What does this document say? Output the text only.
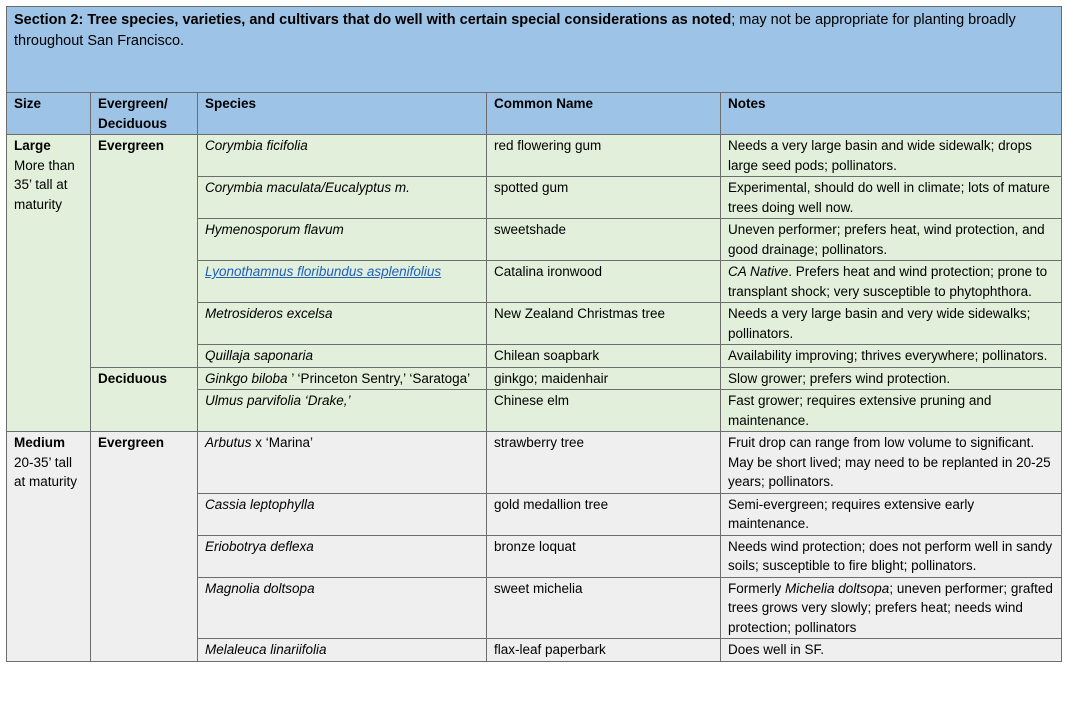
Section 2: Tree species, varieties, and cultivars that do well with certain special considerations as noted; may not be appropriate for planting broadly throughout San Francisco.				
Size	Evergreen/ Deciduous	Species	Common Name	Notes
Large
More than 35’ tall at maturity	Evergreen	Corymbia ficifolia	red flowering gum	Needs a very large basin and wide sidewalk; drops large seed pods; pollinators.
		Corymbia maculata/Eucalyptus m.	spotted gum	Experimental, should do well in climate; lots of mature trees doing well now.
		Hymenosporum flavum	sweetshade	Uneven performer; prefers heat, wind protection, and good drainage; pollinators.
		Lyonothamnus floribundus asplenifolius	Catalina ironwood	CA Native. Prefers heat and wind protection; prone to transplant shock; very susceptible to phytophthora.
		Metrosideros excelsa	New Zealand Christmas tree	Needs a very large basin and very wide sidewalks; pollinators.
		Quillaja saponaria	Chilean soapbark	Availability improving; thrives everywhere; pollinators.
	Deciduous	Ginkgo biloba ’ ‘Princeton Sentry,’ ‘Saratoga’	ginkgo; maidenhair	Slow grower; prefers wind protection.
		Ulmus parvifolia ‘Drake,’	Chinese elm	Fast grower; requires extensive pruning and maintenance.
Medium
20-35’ tall at maturity	Evergreen	Arbutus x ‘Marina’	strawberry tree	Fruit drop can range from low volume to significant. May be short lived; may need to be replanted in 20-25 years; pollinators.
		Cassia leptophylla	gold medallion tree	Semi-evergreen; requires extensive early maintenance.
		Eriobotrya deflexa	bronze loquat	Needs wind protection; does not perform well in sandy soils; susceptible to fire blight; pollinators.
		Magnolia doltsopa	sweet michelia	Formerly Michelia doltsopa; uneven performer; grafted trees grows very slowly; prefers heat; needs wind protection; pollinators
		Melaleuca linariifolia	flax-leaf paperbark	Does well in SF.
